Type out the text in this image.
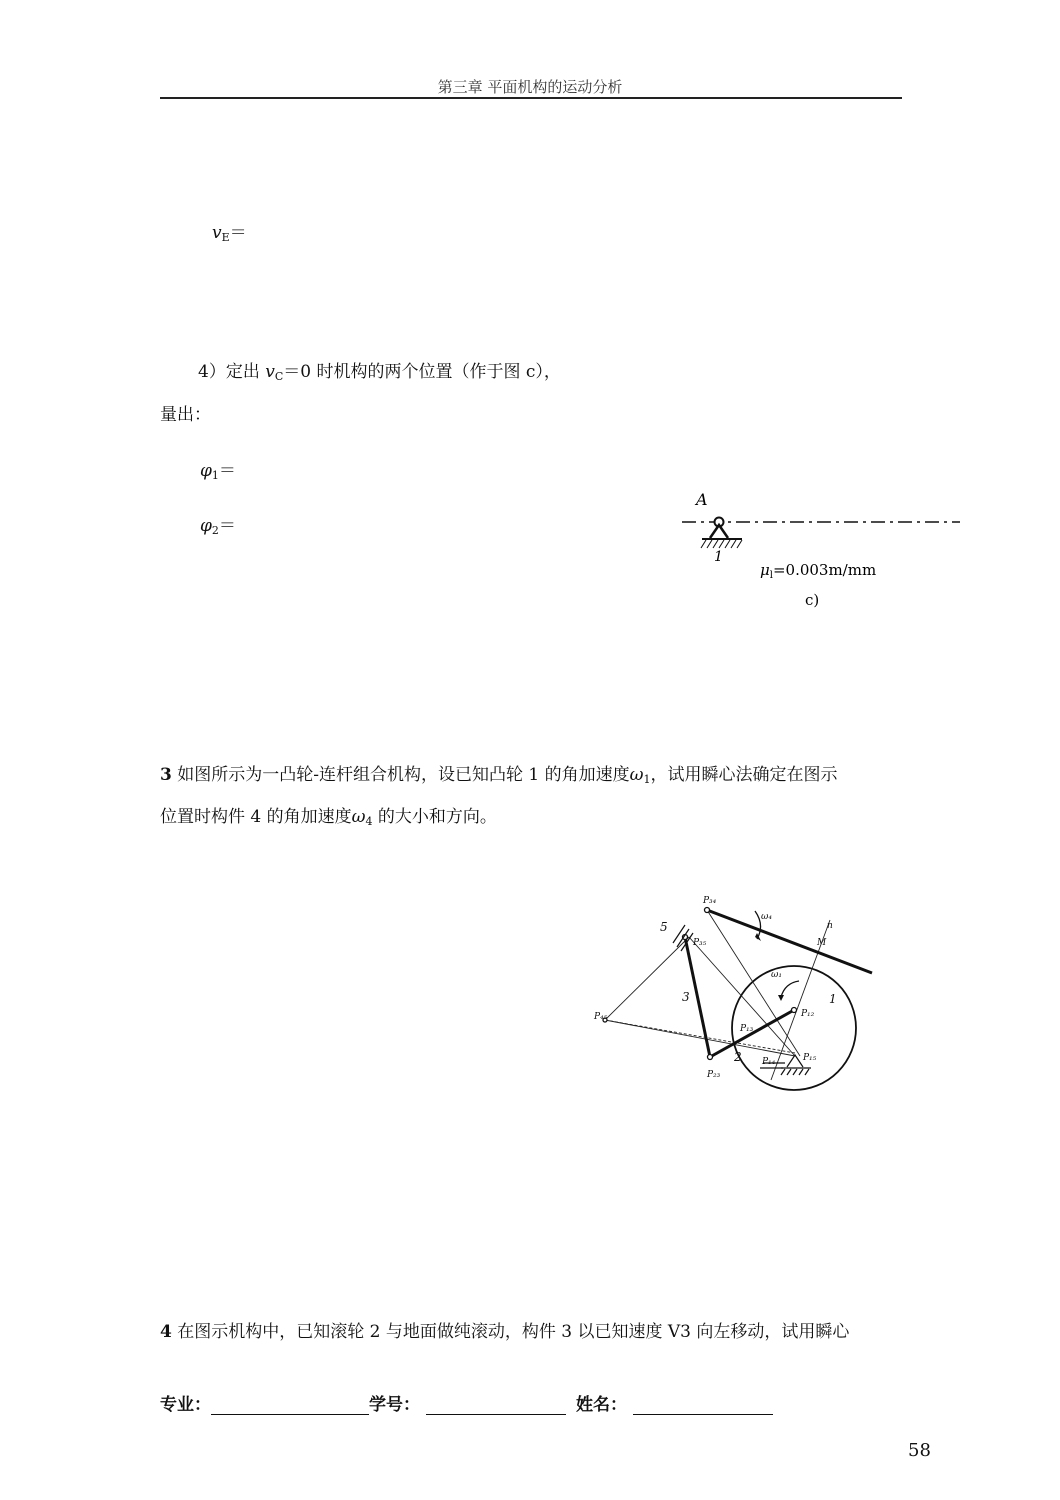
第三章 平面机构的运动分析
$v_E=$
4）定出 $v_C=0$ 时机构的两个位置（作于图 c），
量出：
$\varphi_1=$
$\varphi_2=$
A
1
$\mu_l=0.003m/mm$
c)
3 如图所示为一凸轮-连杆组合机构，设已知凸轮 1 的角加速度$\omega_1$，试用瞬心法确定在图示
位置时构件 4 的角加速度$\omega_4$ 的大小和方向。
P₃₄
P₃₅
P₄₅
P₁₃
P₁₂
P₁₄	P₁₅
P₂₃
ω₄
ω₁
n
M
5
3
2
1
4 在图示机构中，已知滚轮 2 与地面做纯滚动，构件 3 以已知速度 V3 向左移动，试用瞬心
专业：	学号：	姓名：
58
